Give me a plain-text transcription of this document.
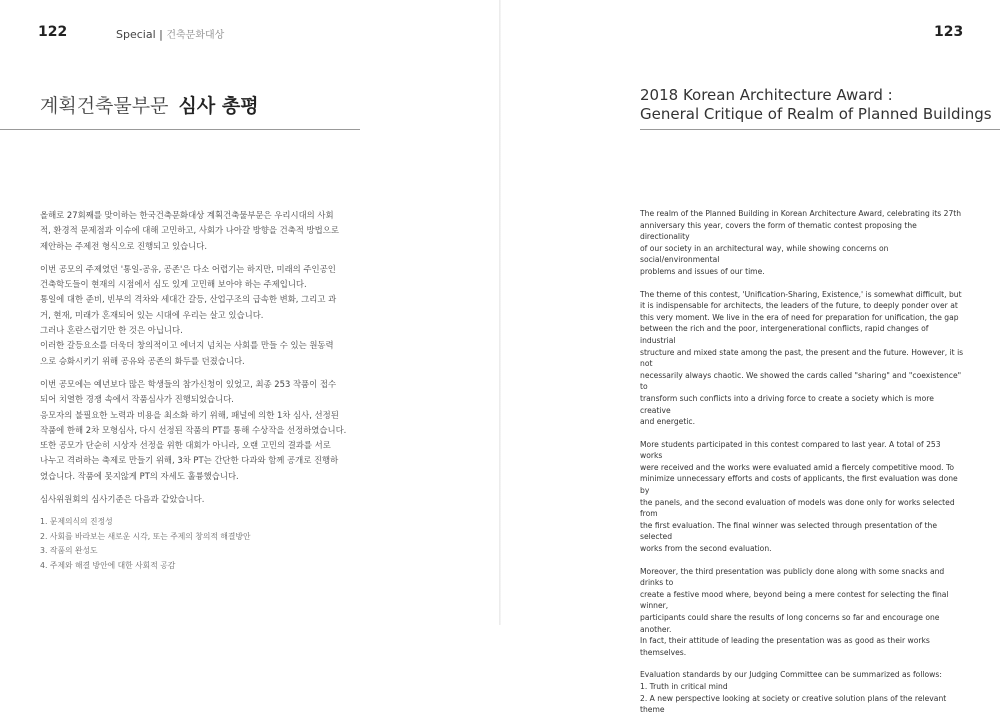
122	Special | 건축문화대상	123
계획건축물부문 심사 총평	2018 Korean Architecture Award :
General Critique of Realm of Planned Buildings

올해로 27회째를 맞이하는 한국건축문화대상 계획건축물부문은 우리시대의 사회
적, 환경적 문제점과 이슈에 대해 고민하고, 사회가 나아갈 방향을 건축적 방법으로
제안하는 주제전 형식으로 진행되고 있습니다.

이번 공모의 주제였던 '통일-공유, 공존'은 다소 어렵기는 하지만, 미래의 주인공인
건축학도들이 현재의 시점에서 심도 있게 고민해 보아야 하는 주제입니다.
통일에 대한 준비, 빈부의 격차와 세대간 갈등, 산업구조의 급속한 변화, 그리고 과
거, 현재, 미래가 혼재되어 있는 시대에 우리는 살고 있습니다.
그러나 혼란스럽기만 한 것은 아닙니다.
이러한 갈등요소를 더욱더 창의적이고 에너지 넘치는 사회를 만들 수 있는 원동력
으로 승화시키기 위해 공유와 공존의 화두를 던졌습니다.

이번 공모에는 예년보다 많은 학생들의 참가신청이 있었고, 최종 253 작품이 접수
되어 치열한 경쟁 속에서 작품심사가 진행되었습니다.
응모자의 불필요한 노력과 비용을 최소화 하기 위해, 패널에 의한 1차 심사, 선정된
작품에 한해 2차 모형심사, 다시 선정된 작품의 PT를 통해 수상작을 선정하였습니다.
또한 공모가 단순히 시상자 선정을 위한 대회가 아니라, 오랜 고민의 결과를 서로
나누고 격려하는 축제로 만들기 위해, 3차 PT는 간단한 다과와 함께 공개로 진행하
였습니다. 작품에 못지않게 PT의 자세도 훌륭했습니다.

심사위원회의 심사기준은 다음과 같았습니다.

1. 문제의식의 진정성
2. 사회를 바라보는 새로운 시각, 또는 주제의 창의적 해결방안
3. 작품의 완성도
4. 주제와 해결 방안에 대한 사회적 공감

The realm of the Planned Building in Korean Architecture Award, celebrating its 27th
anniversary this year, covers the form of thematic contest proposing the directionality
of our society in an architectural way, while showing concerns on social/environmental
problems and issues of our time.

The theme of this contest, 'Unification-Sharing, Existence,' is somewhat difficult, but
it is indispensable for architects, the leaders of the future, to deeply ponder over at
this very moment. We live in the era of need for preparation for unification, the gap
between the rich and the poor, intergenerational conflicts, rapid changes of industrial
structure and mixed state among the past, the present and the future. However, it is not
necessarily always chaotic. We showed the cards called "sharing" and "coexistence" to
transform such conflicts into a driving force to create a society which is more creative
and energetic.

More students participated in this contest compared to last year. A total of 253 works
were received and the works were evaluated amid a fiercely competitive mood. To
minimize unnecessary efforts and costs of applicants, the first evaluation was done by
the panels, and the second evaluation of models was done only for works selected from
the first evaluation. The final winner was selected through presentation of the selected
works from the second evaluation.

Moreover, the third presentation was publicly done along with some snacks and drinks to
create a festive mood where, beyond being a mere contest for selecting the final winner,
participants could share the results of long concerns so far and encourage one another.
In fact, their attitude of leading the presentation was as good as their works themselves.

Evaluation standards by our Judging Committee can be summarized as follows:

1. Truth in critical mind
2. A new perspective looking at society or creative solution plans of the relevant theme
